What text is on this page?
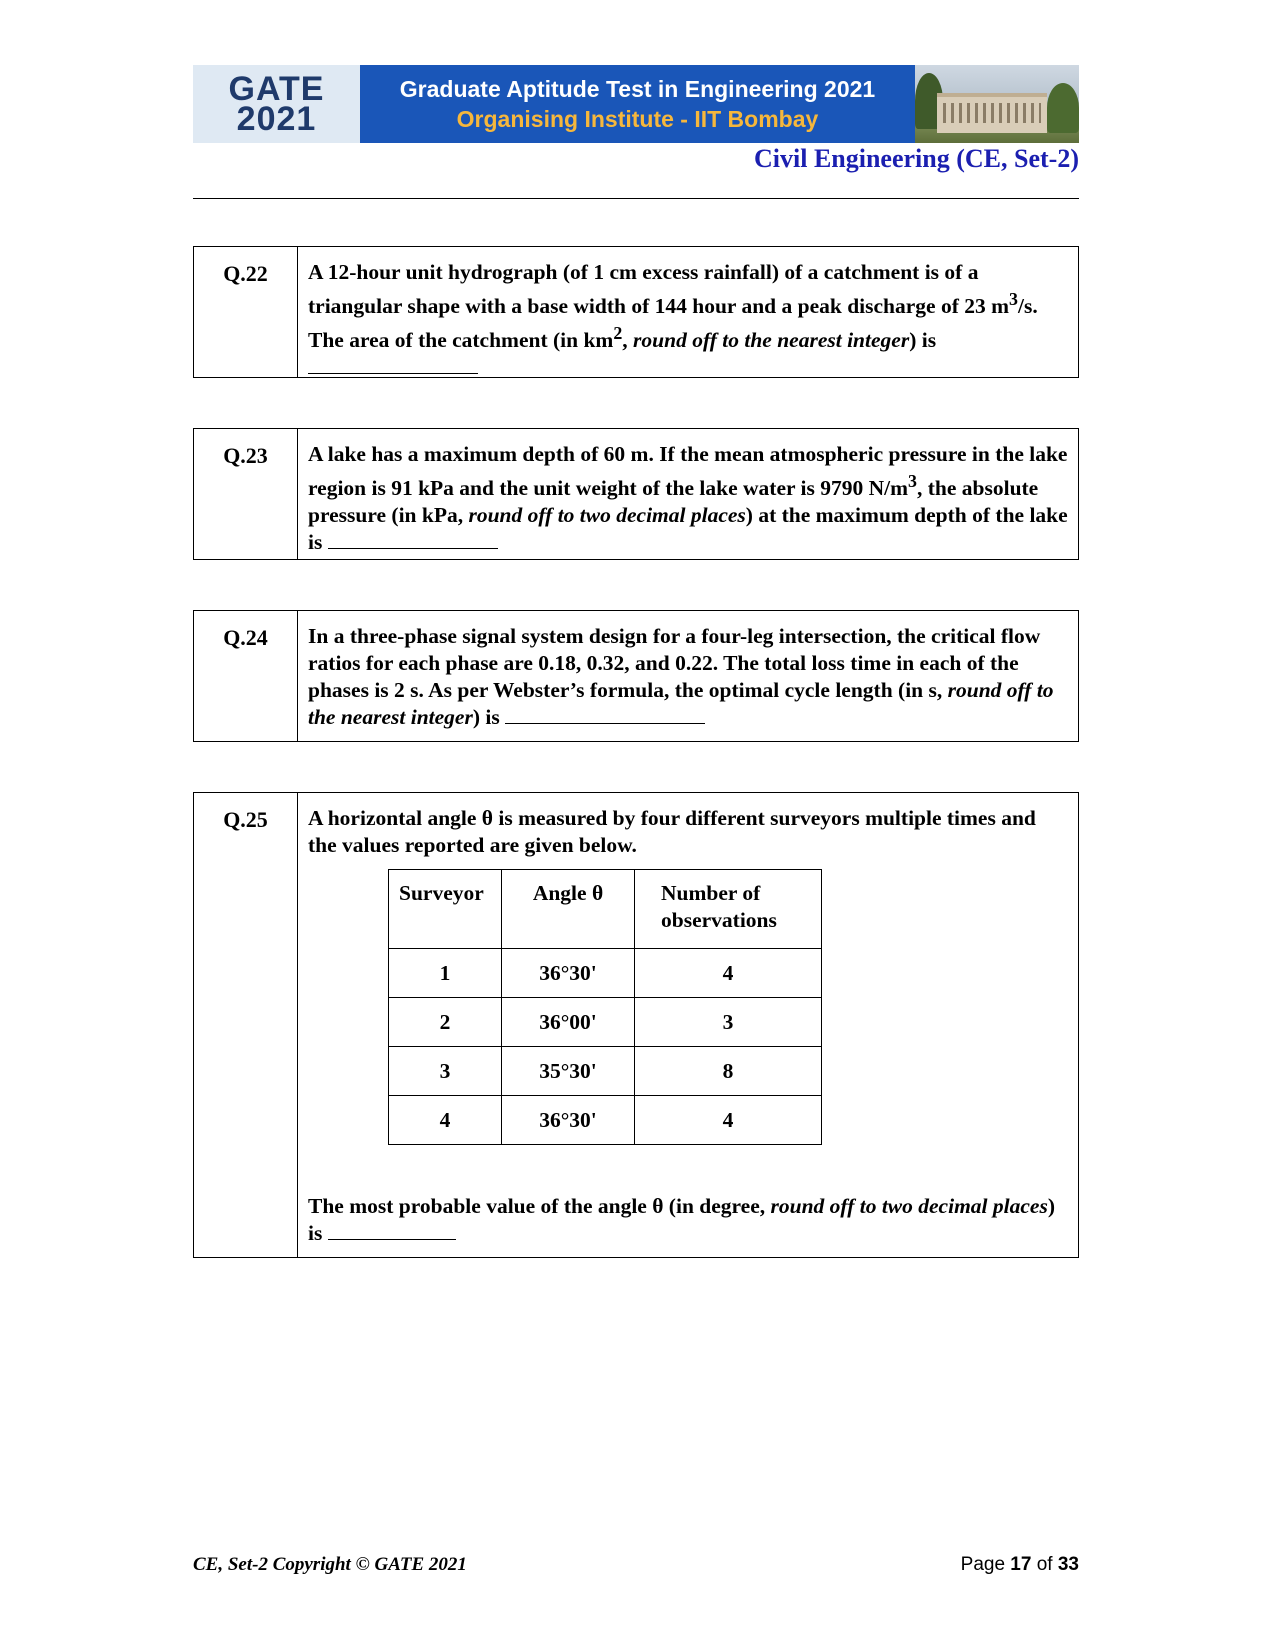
GATE
2021
Graduate Aptitude Test in Engineering 2021
Organising Institute - IIT Bombay
Civil Engineering (CE, Set-2)
Q.22	A 12-hour unit hydrograph (of 1 cm excess rainfall) of a catchment is of a triangular shape with a base width of 144 hour and a peak discharge of 23 $m^3/s$. The area of the catchment (in $km^2$, round off to the nearest integer) is
Q.23	A lake has a maximum depth of 60 m. If the mean atmospheric pressure in the lake region is 91 kPa and the unit weight of the lake water is 9790 $N/m^3$, the absolute pressure (in kPa, round off to two decimal places) at the maximum depth of the lake is
Q.24	In a three-phase signal system design for a four-leg intersection, the critical flow ratios for each phase are 0.18, 0.32, and 0.22. The total loss time in each of the phases is 2 s. As per Webster’s formula, the optimal cycle length (in s, round off to the nearest integer) is
Q.25	A horizontal angle θ is measured by four different surveyors multiple times and the values reported are given below.
Surveyor	Angle θ	Number of observations
1	36°30'	4
2	36°00'	3
3	35°30'	8
4	36°30'	4
The most probable value of the angle θ (in degree, round off to two decimal places) is
CE, Set-2 Copyright © GATE 2021	Page 17 of 33
